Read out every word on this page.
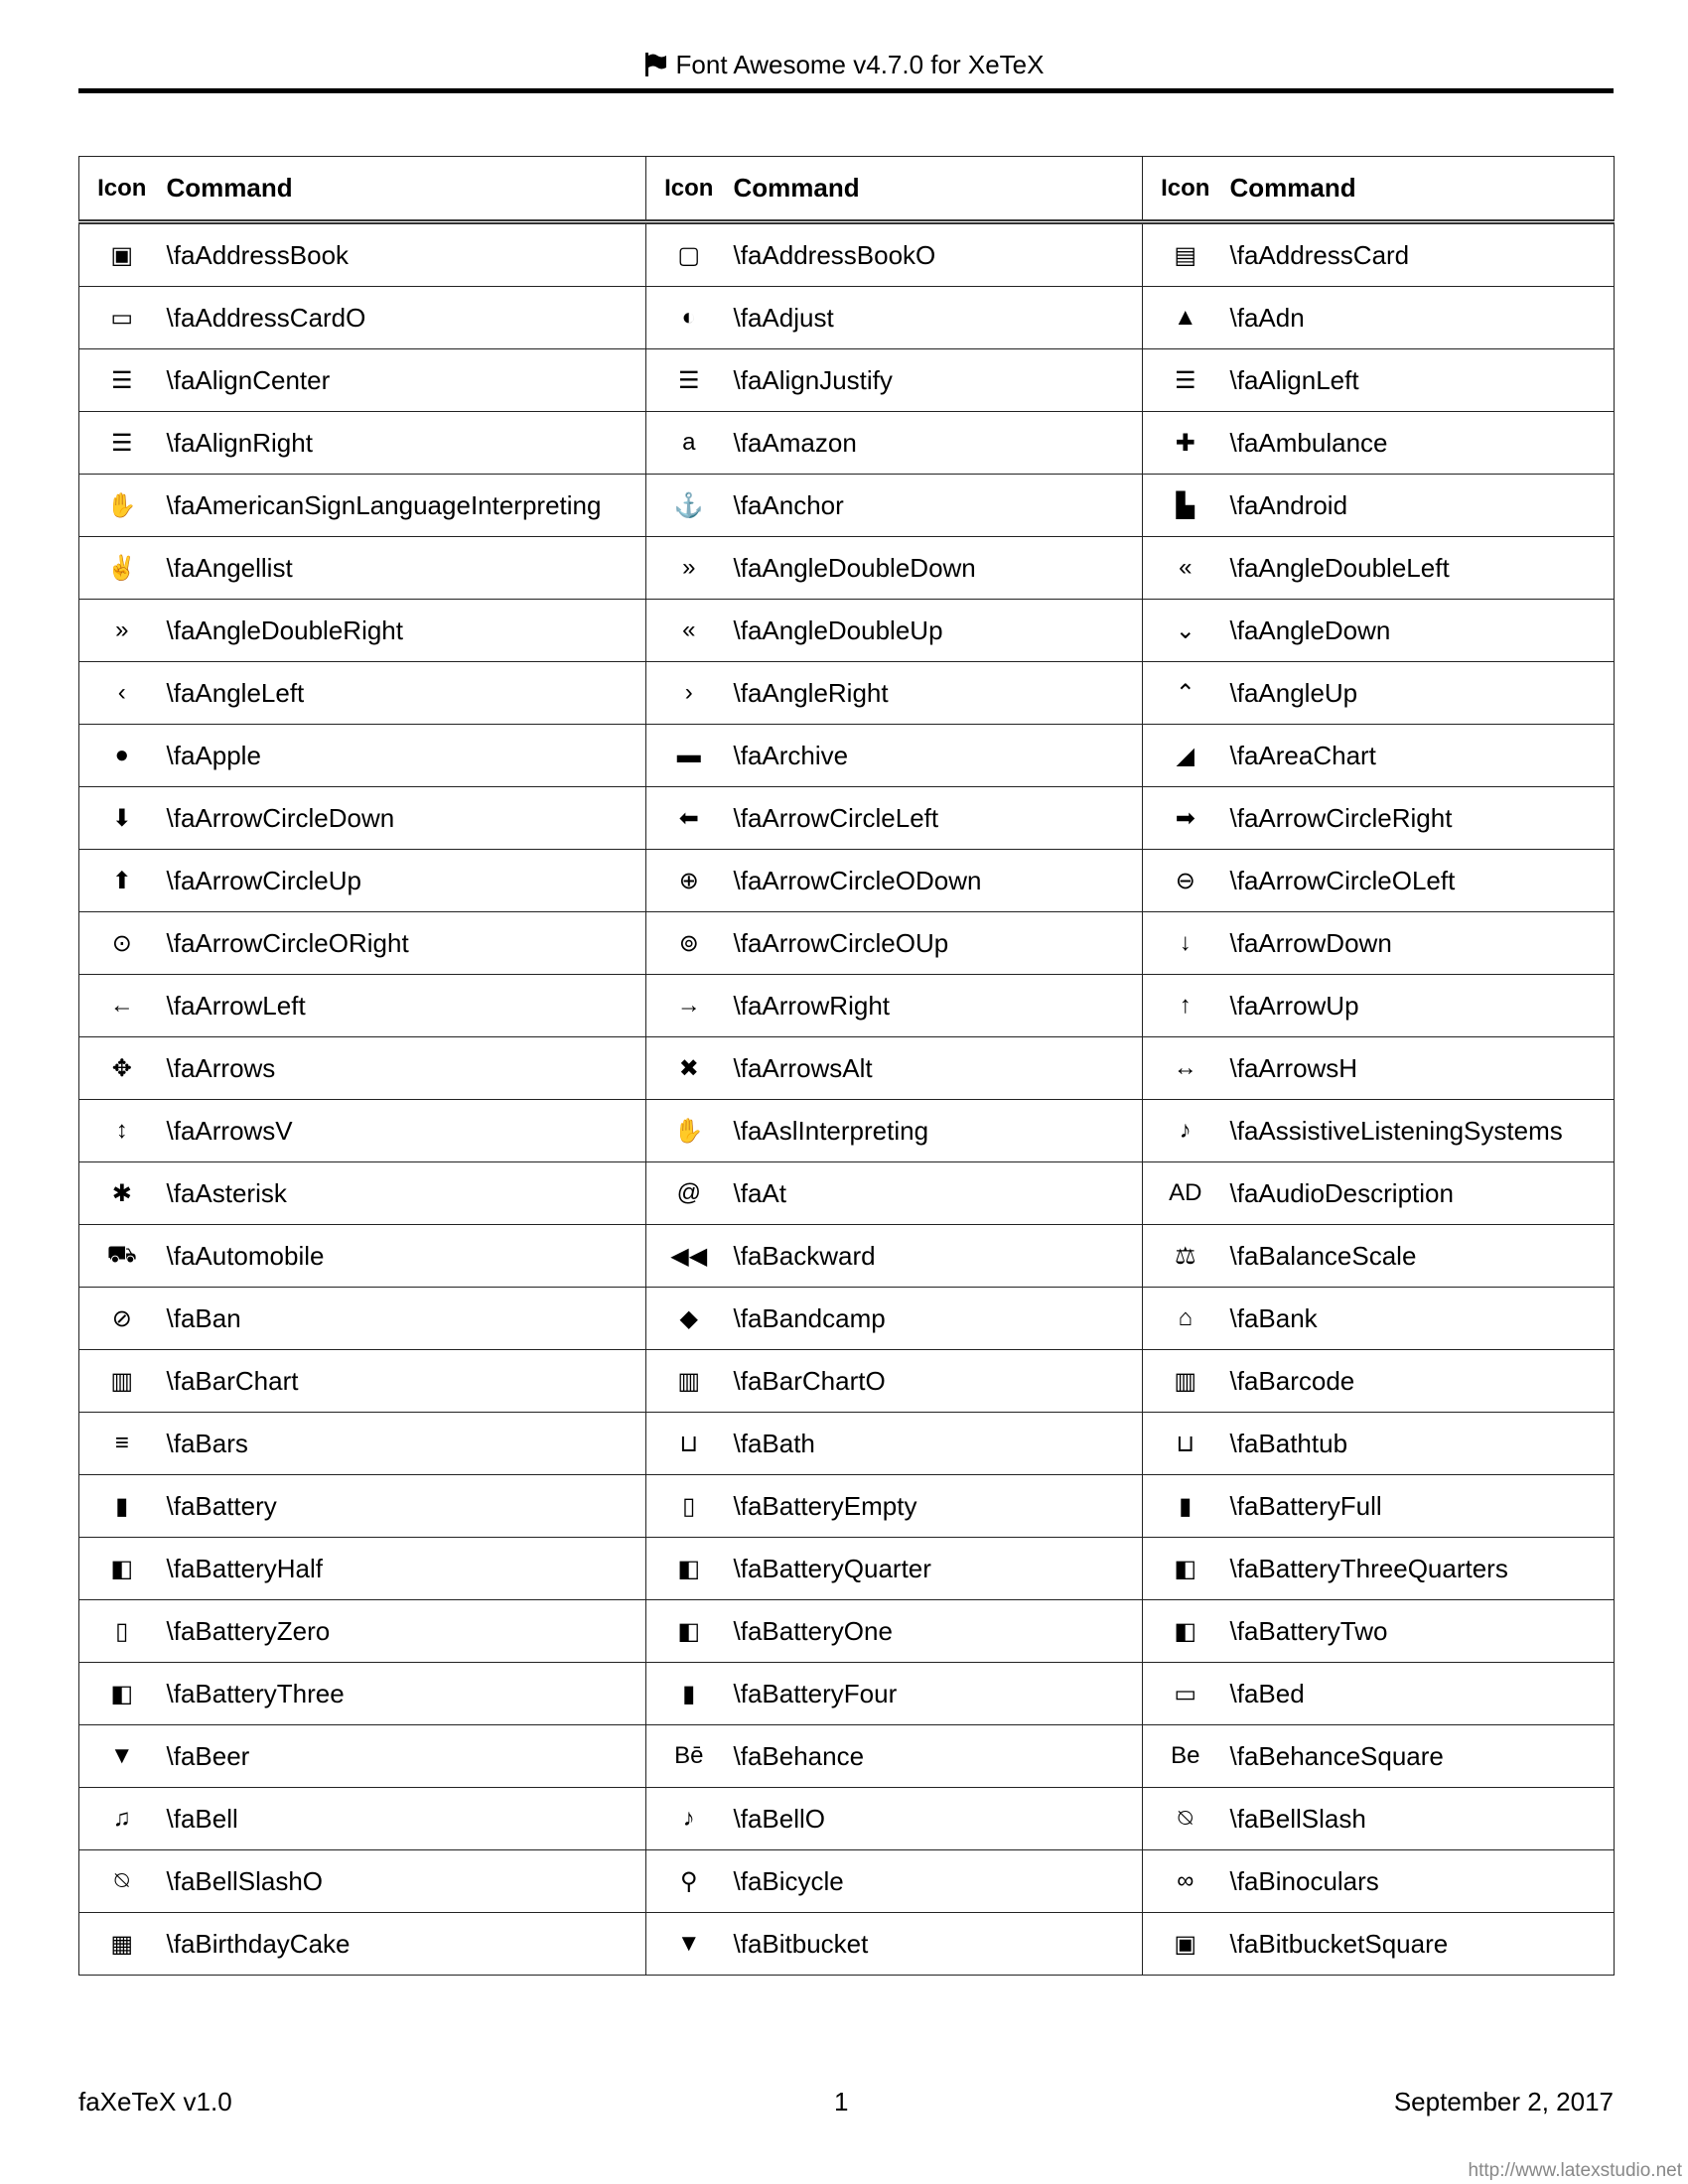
Font Awesome v4.7.0 for XeTeX
Icon	Command	Icon	Command	Icon	Command
▣	\faAddressBook	▢	\faAddressBookO	▤	\faAddressCard
▭	\faAddressCardO	◐	\faAdjust	▲	\faAdn
☰	\faAlignCenter	☰	\faAlignJustify	☰	\faAlignLeft
☰	\faAlignRight	a	\faAmazon	✚	\faAmbulance
✋	\faAmericanSignLanguageInterpreting	⚓	\faAnchor	▙	\faAndroid
✌	\faAngellist	»	\faAngleDoubleDown	«	\faAngleDoubleLeft
»	\faAngleDoubleRight	«	\faAngleDoubleUp	⌄	\faAngleDown
‹	\faAngleLeft	›	\faAngleRight	⌃	\faAngleUp
●	\faApple	▬	\faArchive	◢	\faAreaChart
⬇	\faArrowCircleDown	⬅	\faArrowCircleLeft	➡	\faArrowCircleRight
⬆	\faArrowCircleUp	⊕	\faArrowCircleODown	⊖	\faArrowCircleOLeft
⊙	\faArrowCircleORight	⊚	\faArrowCircleOUp	↓	\faArrowDown
←	\faArrowLeft	→	\faArrowRight	↑	\faArrowUp
✥	\faArrows	✖	\faArrowsAlt	↔	\faArrowsH
↕	\faArrowsV	✋	\faAslInterpreting	♪	\faAssistiveListeningSystems
✱	\faAsterisk	@	\faAt	AD	\faAudioDescription
⛟	\faAutomobile	◀◀	\faBackward	⚖	\faBalanceScale
⊘	\faBan	◆	\faBandcamp	⌂	\faBank
▥	\faBarChart	▥	\faBarChartO	▥	\faBarcode
≡	\faBars	⊔	\faBath	⊔	\faBathtub
▮	\faBattery	▯	\faBatteryEmpty	▮	\faBatteryFull
◧	\faBatteryHalf	◧	\faBatteryQuarter	◧	\faBatteryThreeQuarters
▯	\faBatteryZero	◧	\faBatteryOne	◧	\faBatteryTwo
◧	\faBatteryThree	▮	\faBatteryFour	▭	\faBed
▼	\faBeer	Bē	\faBehance	Be	\faBehanceSquare
♫	\faBell	♪	\faBellO	⍉	\faBellSlash
⍉	\faBellSlashO	⚲	\faBicycle	∞	\faBinoculars
▦	\faBirthdayCake	▼	\faBitbucket	▣	\faBitbucketSquare
faXeTeX v1.0	1	September 2, 2017
http://www.latexstudio.net
